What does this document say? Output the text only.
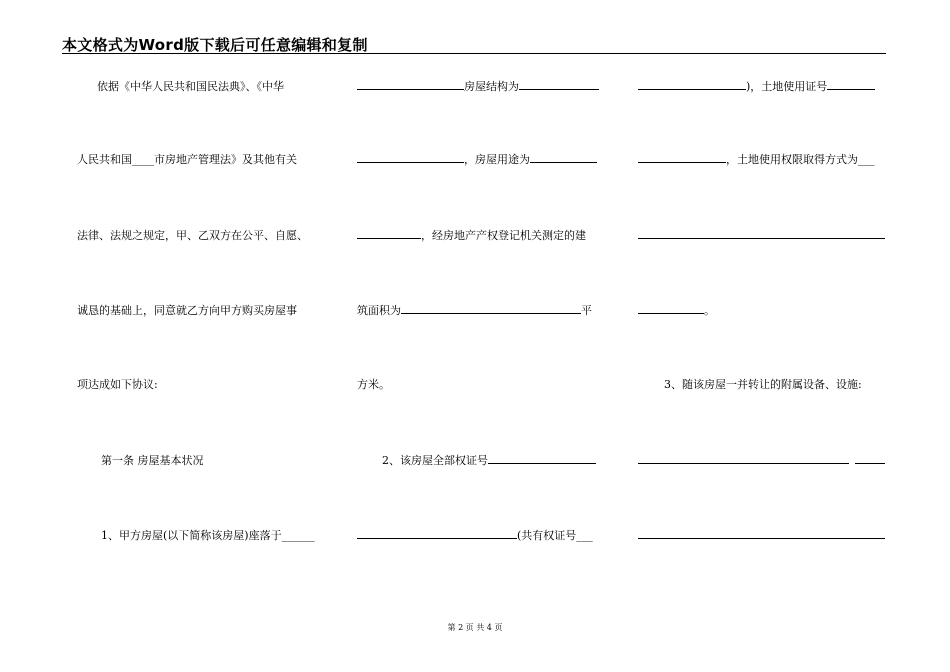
本文格式为Word版下载后可任意编辑和复制
依据《中华人民共和国民法典》、《中华
人民共和国____市房地产管理法》及其他有关
法律、法规之规定，甲、乙双方在公平、自愿、
诚恳的基础上，同意就乙方向甲方购买房屋事
项达成如下协议:
第一条 房屋基本状况
1、甲方房屋(以下简称该房屋)座落于______
房屋结构为
，房屋用途为
，经房地产产权登记机关测定的建
筑面积为	平
方米。
2、该房屋全部权证号
(共有权证号___
)，土地使用证号
，土地使用权限取得方式为___
。
3、随该房屋一并转让的附属设备、设施:
第 2 页 共 4 页
